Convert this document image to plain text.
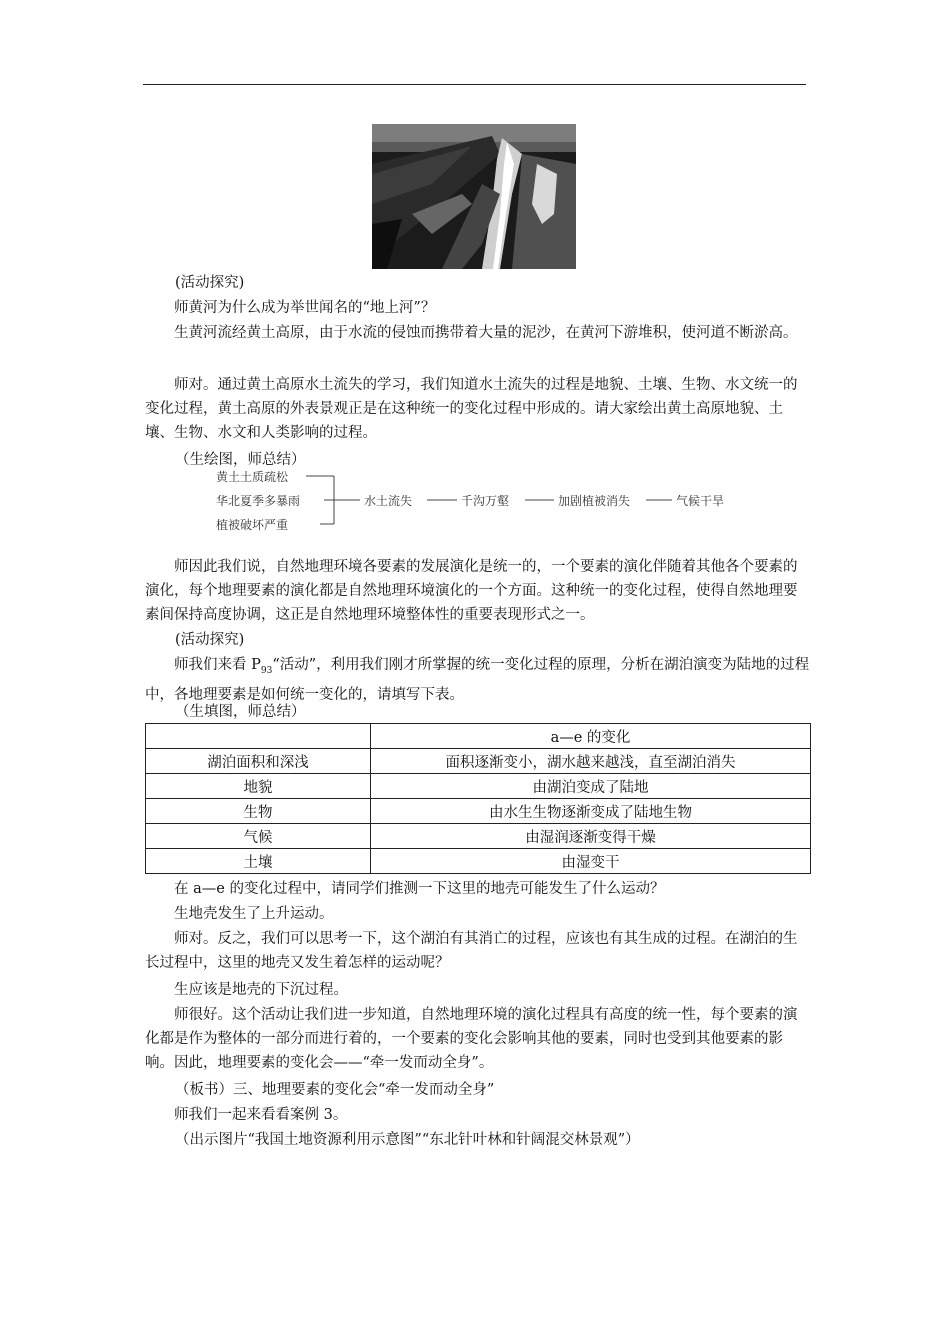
(活动探究)

师黄河为什么成为举世闻名的“地上河”？

生黄河流经黄土高原，由于水流的侵蚀而携带着大量的泥沙，在黄河下游堆积，使河道不断淤高。

师对。通过黄土高原水土流失的学习，我们知道水土流失的过程是地貌、土壤、生物、水文统一的变化过程，黄土高原的外表景观正是在这种统一的变化过程中形成的。请大家绘出黄土高原地貌、土壤、生物、水文和人类影响的过程。

（生绘图，师总结）

黄土土质疏松
华北夏季多暴雨
植被破坏严重
水土流失	千沟万壑	加剧植被消失	气候干旱

师因此我们说，自然地理环境各要素的发展演化是统一的，一个要素的演化伴随着其他各个要素的演化，每个地理要素的演化都是自然地理环境演化的一个方面。这种统一的变化过程，使得自然地理要素间保持高度协调，这正是自然地理环境整体性的重要表现形式之一。

(活动探究)

师我们来看 $P_{93}“$活动”，利用我们刚才所掌握的统一变化过程的原理，分析在湖泊演变为陆地的过程中，各地理要素是如何统一变化的，请填写下表。

（生填图，师总结）

	a—e 的变化
湖泊面积和深浅	面积逐渐变小，湖水越来越浅，直至湖泊消失
地貌	由湖泊变成了陆地
生物	由水生生物逐渐变成了陆地生物
气候	由湿润逐渐变得干燥
土壤	由湿变干

在 a—e 的变化过程中，请同学们推测一下这里的地壳可能发生了什么运动？

生地壳发生了上升运动。

师对。反之，我们可以思考一下，这个湖泊有其消亡的过程，应该也有其生成的过程。在湖泊的生长过程中，这里的地壳又发生着怎样的运动呢？

生应该是地壳的下沉过程。

师很好。这个活动让我们进一步知道，自然地理环境的演化过程具有高度的统一性，每个要素的演化都是作为整体的一部分而进行着的，一个要素的变化会影响其他的要素，同时也受到其他要素的影响。因此，地理要素的变化会——“牵一发而动全身”。

（板书）三、地理要素的变化会“牵一发而动全身”

师我们一起来看看案例 3。

（出示图片“我国土地资源利用示意图”“东北针叶林和针阔混交林景观”）
